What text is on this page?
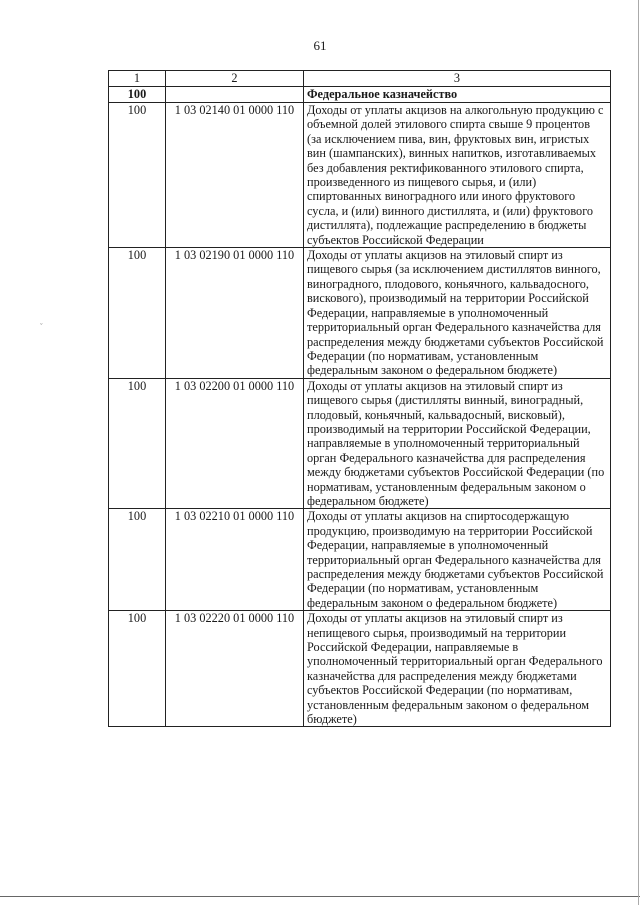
61
1	2	3
100		Федеральное казначейство
100	1 03 02140 01 0000 110	Доходы от уплаты акцизов на алкогольную продукцию с объемной долей этилового спирта свыше 9 процентов (за исключением пива, вин, фруктовых вин, игристых вин (шампанских), винных напитков, изготавливаемых без добавления ректификованного этилового спирта, произведенного из пищевого сырья, и (или) спиртованных виноградного или иного фруктового сусла, и (или) винного дистиллята, и (или) фруктового дистиллята), подлежащие распределению в бюджеты субъектов Российской Федерации
100	1 03 02190 01 0000 110	Доходы от уплаты акцизов на этиловый спирт из пищевого сырья (за исключением дистиллятов винного, виноградного, плодового, коньячного, кальвадосного, вискового), производимый на территории Российской Федерации, направляемые в уполномоченный территориальный орган Федерального казначейства для распределения между бюджетами субъектов Российской Федерации (по нормативам, установленным федеральным законом о федеральном бюджете)
100	1 03 02200 01 0000 110	Доходы от уплаты акцизов на этиловый спирт из пищевого сырья (дистилляты винный, виноградный, плодовый, коньячный, кальвадосный, висковый), производимый на территории Российской Федерации, направляемые в уполномоченный территориальный орган Федерального казначейства для распределения между бюджетами субъектов Российской Федерации (по нормативам, установленным федеральным законом о федеральном бюджете)
100	1 03 02210 01 0000 110	Доходы от уплаты акцизов на спиртосодержащую продукцию, производимую на территории Российской Федерации, направляемые в уполномоченный территориальный орган Федерального казначейства для распределения между бюджетами субъектов Российской Федерации (по нормативам, установленным федеральным законом о федеральном бюджете)
100	1 03 02220 01 0000 110	Доходы от уплаты акцизов на этиловый спирт из непищевого сырья, производимый на территории Российской Федерации, направляемые в уполномоченный территориальный орган Федерального казначейства для распределения между бюджетами субъектов Российской Федерации (по нормативам, установленным федеральным законом о федеральном бюджете)
ˇ
